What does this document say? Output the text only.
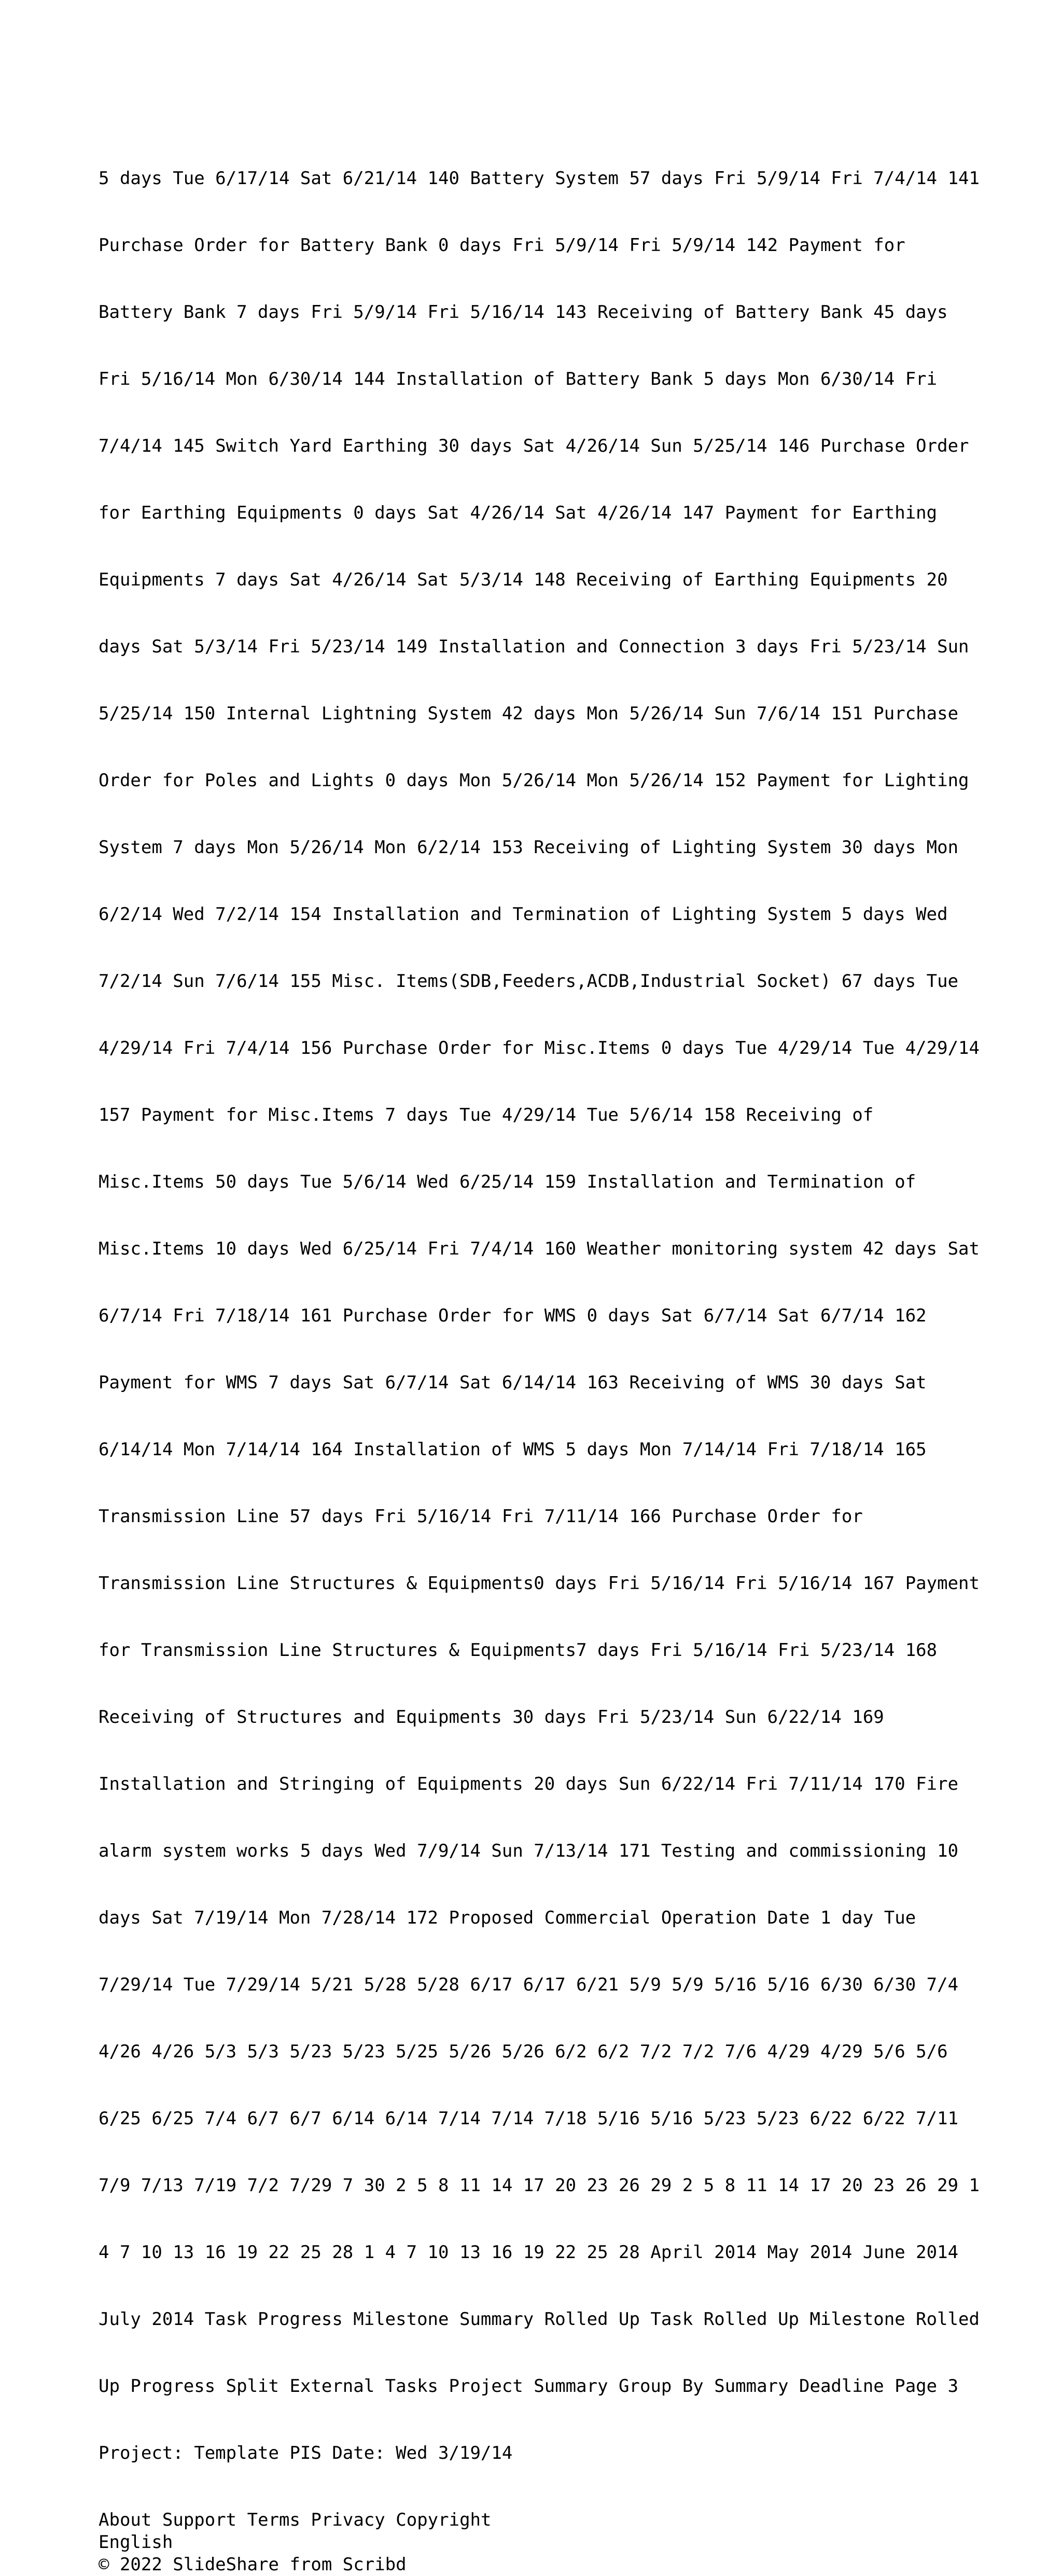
5 days Tue 6/17/14 Sat 6/21/14 140 Battery System 57 days Fri 5/9/14 Fri 7/4/14 141

Purchase Order for Battery Bank 0 days Fri 5/9/14 Fri 5/9/14 142 Payment for

Battery Bank 7 days Fri 5/9/14 Fri 5/16/14 143 Receiving of Battery Bank 45 days

Fri 5/16/14 Mon 6/30/14 144 Installation of Battery Bank 5 days Mon 6/30/14 Fri

7/4/14 145 Switch Yard Earthing 30 days Sat 4/26/14 Sun 5/25/14 146 Purchase Order

for Earthing Equipments 0 days Sat 4/26/14 Sat 4/26/14 147 Payment for Earthing

Equipments 7 days Sat 4/26/14 Sat 5/3/14 148 Receiving of Earthing Equipments 20

days Sat 5/3/14 Fri 5/23/14 149 Installation and Connection 3 days Fri 5/23/14 Sun

5/25/14 150 Internal Lightning System 42 days Mon 5/26/14 Sun 7/6/14 151 Purchase

Order for Poles and Lights 0 days Mon 5/26/14 Mon 5/26/14 152 Payment for Lighting

System 7 days Mon 5/26/14 Mon 6/2/14 153 Receiving of Lighting System 30 days Mon

6/2/14 Wed 7/2/14 154 Installation and Termination of Lighting System 5 days Wed

7/2/14 Sun 7/6/14 155 Misc. Items(SDB,Feeders,ACDB,Industrial Socket) 67 days Tue

4/29/14 Fri 7/4/14 156 Purchase Order for Misc.Items 0 days Tue 4/29/14 Tue 4/29/14

157 Payment for Misc.Items 7 days Tue 4/29/14 Tue 5/6/14 158 Receiving of

Misc.Items 50 days Tue 5/6/14 Wed 6/25/14 159 Installation and Termination of

Misc.Items 10 days Wed 6/25/14 Fri 7/4/14 160 Weather monitoring system 42 days Sat

6/7/14 Fri 7/18/14 161 Purchase Order for WMS 0 days Sat 6/7/14 Sat 6/7/14 162

Payment for WMS 7 days Sat 6/7/14 Sat 6/14/14 163 Receiving of WMS 30 days Sat

6/14/14 Mon 7/14/14 164 Installation of WMS 5 days Mon 7/14/14 Fri 7/18/14 165

Transmission Line 57 days Fri 5/16/14 Fri 7/11/14 166 Purchase Order for

Transmission Line Structures & Equipments0 days Fri 5/16/14 Fri 5/16/14 167 Payment

for Transmission Line Structures & Equipments7 days Fri 5/16/14 Fri 5/23/14 168

Receiving of Structures and Equipments 30 days Fri 5/23/14 Sun 6/22/14 169

Installation and Stringing of Equipments 20 days Sun 6/22/14 Fri 7/11/14 170 Fire

alarm system works 5 days Wed 7/9/14 Sun 7/13/14 171 Testing and commissioning 10

days Sat 7/19/14 Mon 7/28/14 172 Proposed Commercial Operation Date 1 day Tue

7/29/14 Tue 7/29/14 5/21 5/28 5/28 6/17 6/17 6/21 5/9 5/9 5/16 5/16 6/30 6/30 7/4

4/26 4/26 5/3 5/3 5/23 5/23 5/25 5/26 5/26 6/2 6/2 7/2 7/2 7/6 4/29 4/29 5/6 5/6

6/25 6/25 7/4 6/7 6/7 6/14 6/14 7/14 7/14 7/18 5/16 5/16 5/23 5/23 6/22 6/22 7/11

7/9 7/13 7/19 7/2 7/29 7 30 2 5 8 11 14 17 20 23 26 29 2 5 8 11 14 17 20 23 26 29 1

4 7 10 13 16 19 22 25 28 1 4 7 10 13 16 19 22 25 28 April 2014 May 2014 June 2014

July 2014 Task Progress Milestone Summary Rolled Up Task Rolled Up Milestone Rolled

Up Progress Split External Tasks Project Summary Group By Summary Deadline Page 3

Project: Template PIS Date: Wed 3/19/14

About Support Terms Privacy Copyright
English
© 2022 SlideShare from Scribd
